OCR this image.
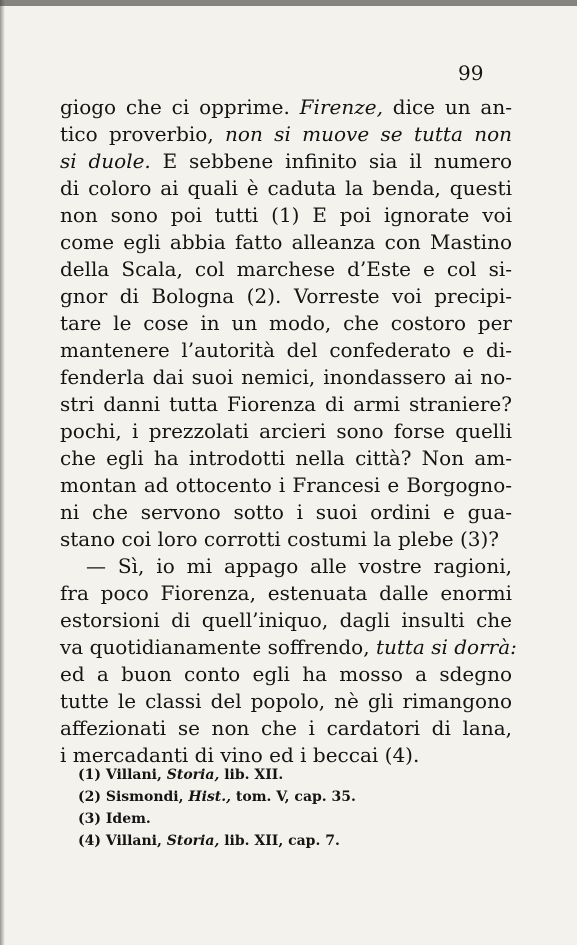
99
giogo che ci opprime. Firenze, dice un an-
tico proverbio, non si muove se tutta non
si duole. E sebbene infinito sia il numero
di coloro ai quali è caduta la benda, questi
non sono poi tutti (1) E poi ignorate voi
come egli abbia fatto alleanza con Mastino
della Scala, col marchese d’Este e col si-
gnor di Bologna (2). Vorreste voi precipi-
tare le cose in un modo, che costoro per
mantenere l’autorità del confederato e di-
fenderla dai suoi nemici, inondassero ai no-
stri danni tutta Fiorenza di armi straniere?
pochi, i prezzolati arcieri sono forse quelli
che egli ha introdotti nella città? Non am-
montan ad ottocento i Francesi e Borgogno-
ni che servono sotto i suoi ordini e gua-
stano coi loro corrotti costumi la plebe (3)?
— Sì, io mi appago alle vostre ragioni,
fra poco Fiorenza, estenuata dalle enormi
estorsioni di quell’iniquo, dagli insulti che
va quotidianamente soffrendo, tutta si dorrà:
ed a buon conto egli ha mosso a sdegno
tutte le classi del popolo, nè gli rimangono
affezionati se non che i cardatori di lana,
i mercadanti di vino ed i beccai (4).
(1) Villani, Storia, lib. XII.
(2) Sismondi, Hist., tom. V, cap. 35.
(3) Idem.
(4) Villani, Storia, lib. XII, cap. 7.
